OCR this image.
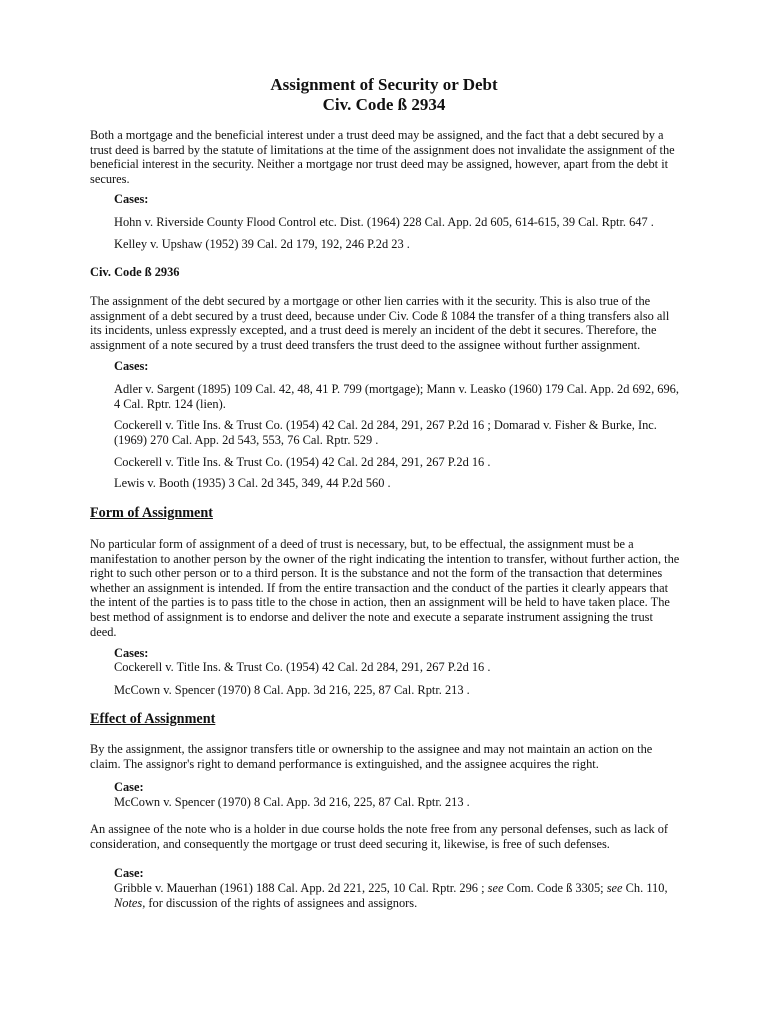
Assignment of Security or Debt
Civ. Code ß 2934
Both a mortgage and the beneficial interest under a trust deed may be assigned, and the fact that a debt secured by a trust deed is barred by the statute of limitations at the time of the assignment does not invalidate the assignment of the beneficial interest in the security. Neither a mortgage nor trust deed may be assigned, however, apart from the debt it secures.
Cases:
Hohn v. Riverside County Flood Control etc. Dist. (1964) 228 Cal. App. 2d 605, 614-615, 39 Cal. Rptr. 647 .
Kelley v. Upshaw (1952) 39 Cal. 2d 179, 192, 246 P.2d 23 .
Civ. Code ß 2936
The assignment of the debt secured by a mortgage or other lien carries with it the security. This is also true of the assignment of a debt secured by a trust deed, because under Civ. Code ß 1084 the transfer of a thing transfers also all its incidents, unless expressly excepted, and a trust deed is merely an incident of the debt it secures. Therefore, the assignment of a note secured by a trust deed transfers the trust deed to the assignee without further assignment.
Cases:
Adler v. Sargent (1895) 109 Cal. 42, 48, 41 P. 799 (mortgage); Mann v. Leasko (1960) 179 Cal. App. 2d 692, 696, 4 Cal. Rptr. 124 (lien).
Cockerell v. Title Ins. & Trust Co. (1954) 42 Cal. 2d 284, 291, 267 P.2d 16 ; Domarad v. Fisher & Burke, Inc. (1969) 270 Cal. App. 2d 543, 553, 76 Cal. Rptr. 529 .
Cockerell v. Title Ins. & Trust Co. (1954) 42 Cal. 2d 284, 291, 267 P.2d 16 .
Lewis v. Booth (1935) 3 Cal. 2d 345, 349, 44 P.2d 560 .
Form of Assignment
No particular form of assignment of a deed of trust is necessary, but, to be effectual, the assignment must be a manifestation to another person by the owner of the right indicating the intention to transfer, without further action, the right to such other person or to a third person. It is the substance and not the form of the transaction that determines whether an assignment is intended. If from the entire transaction and the conduct of the parties it clearly appears that the intent of the parties is to pass title to the chose in action, then an assignment will be held to have taken place. The best method of assignment is to endorse and deliver the note and execute a separate instrument assigning the trust deed.
Cases:
Cockerell v. Title Ins. & Trust Co. (1954) 42 Cal. 2d 284, 291, 267 P.2d 16 .
McCown v. Spencer (1970) 8 Cal. App. 3d 216, 225, 87 Cal. Rptr. 213 .
Effect of Assignment
By the assignment, the assignor transfers title or ownership to the assignee and may not maintain an action on the claim. The assignor's right to demand performance is extinguished, and the assignee acquires the right.
Case:
McCown v. Spencer (1970) 8 Cal. App. 3d 216, 225, 87 Cal. Rptr. 213 .
An assignee of the note who is a holder in due course holds the note free from any personal defenses, such as lack of consideration, and consequently the mortgage or trust deed securing it, likewise, is free of such defenses.
Case:
Gribble v. Mauerhan (1961) 188 Cal. App. 2d 221, 225, 10 Cal. Rptr. 296 ; see Com. Code ß 3305; see Ch. 110, Notes, for discussion of the rights of assignees and assignors.
